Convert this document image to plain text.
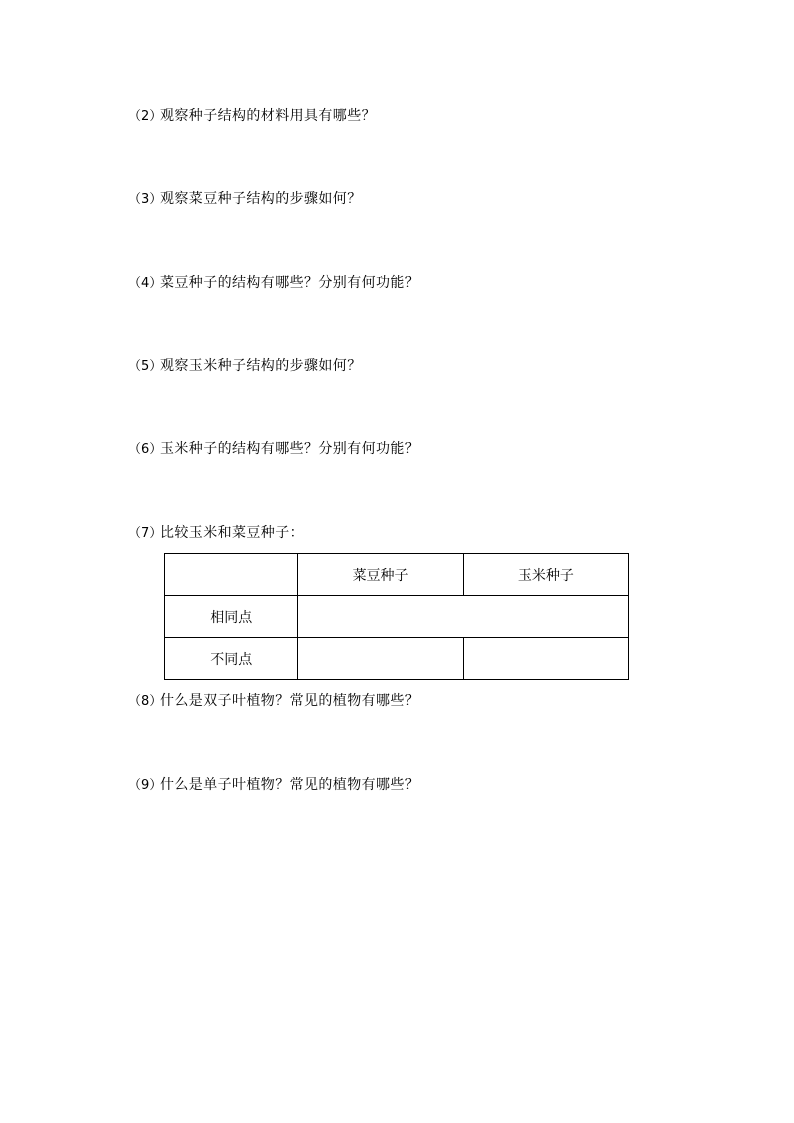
（2）观察种子结构的材料用具有哪些？
（3）观察菜豆种子结构的步骤如何？
（4）菜豆种子的结构有哪些？分别有何功能？
（5）观察玉米种子结构的步骤如何？
（6）玉米种子的结构有哪些？分别有何功能？
（7）比较玉米和菜豆种子：
	菜豆种子	玉米种子
相同点		
不同点		
（8）什么是双子叶植物？常见的植物有哪些？
（9）什么是单子叶植物？常见的植物有哪些？
